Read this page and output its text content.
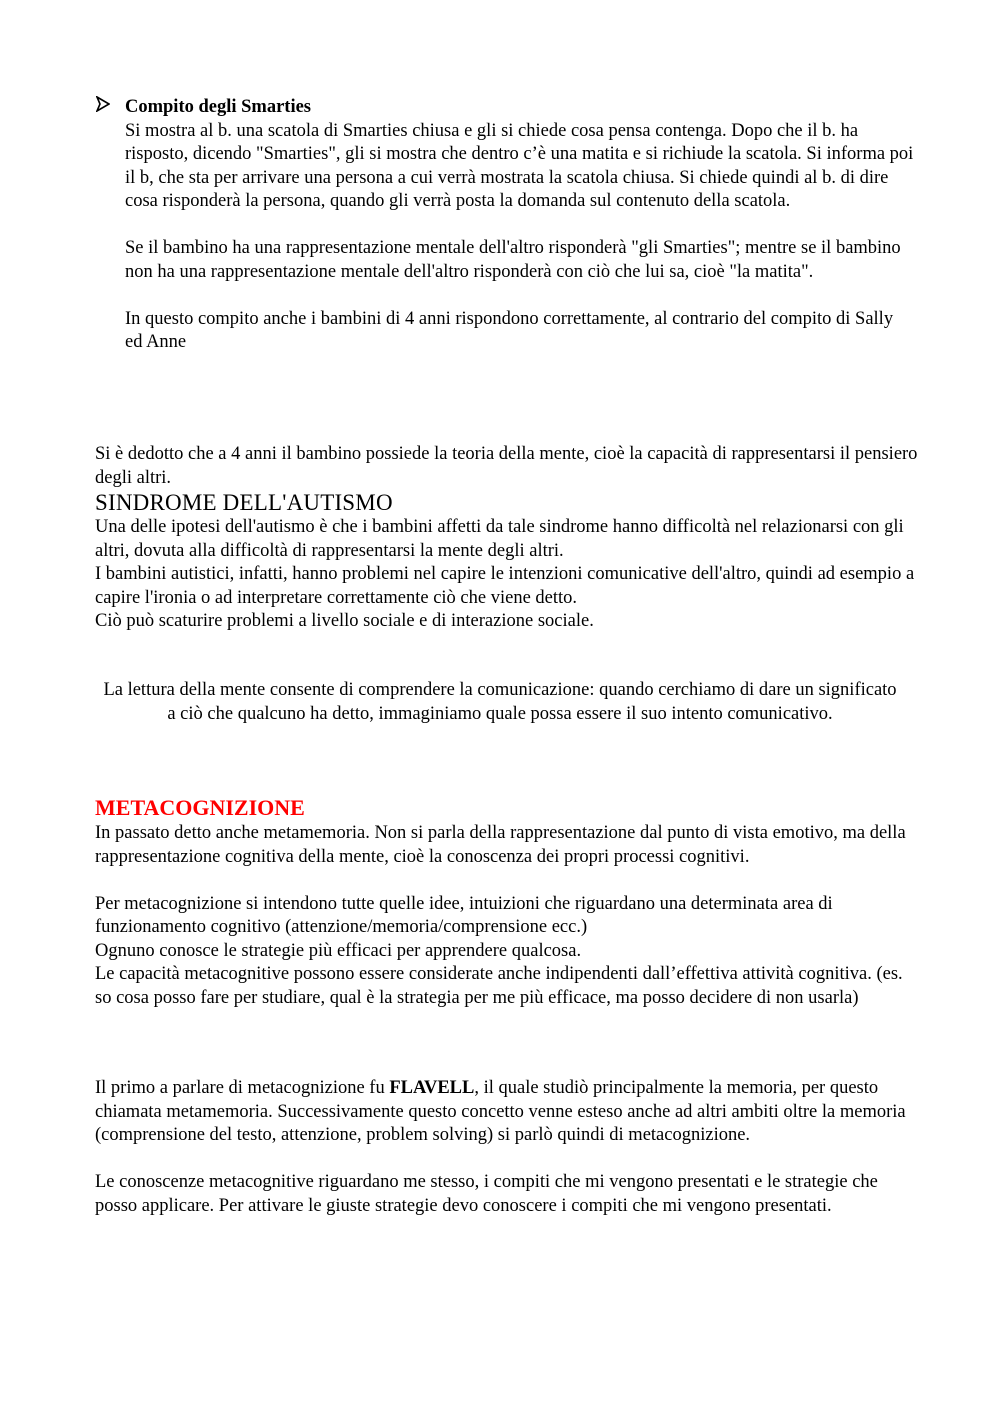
Compito degli Smarties

Si mostra al b. una scatola di Smarties chiusa e gli si chiede cosa pensa contenga. Dopo che il b. ha risposto, dicendo "Smarties", gli si mostra che dentro c’è una matita e si richiude la scatola. Si informa poi il b, che sta per arrivare una persona a cui verrà mostrata la scatola chiusa. Si chiede quindi al b. di dire cosa risponderà la persona, quando gli verrà posta la domanda sul contenuto della scatola.

Se il bambino ha una rappresentazione mentale dell'altro risponderà "gli Smarties"; mentre se il bambino non ha una rappresentazione mentale dell'altro risponderà con ciò che lui sa, cioè "la matita".

In questo compito anche i bambini di 4 anni rispondono correttamente, al contrario del compito di Sally ed Anne

Si è dedotto che a 4 anni il bambino possiede la teoria della mente, cioè la capacità di rappresentarsi il pensiero degli altri.

SINDROME DELL'AUTISMO

Una delle ipotesi dell'autismo è che i bambini affetti da tale sindrome hanno difficoltà nel relazionarsi con gli altri, dovuta alla difficoltà di rappresentarsi la mente degli altri.

I bambini autistici, infatti, hanno problemi nel capire le intenzioni comunicative dell'altro, quindi ad esempio a capire l'ironia o ad interpretare correttamente ciò che viene detto.

Ciò può scaturire problemi a livello sociale e di interazione sociale.

La lettura della mente consente di comprendere la comunicazione: quando cerchiamo di dare un significato a ciò che qualcuno ha detto, immaginiamo quale possa essere il suo intento comunicativo.

METACOGNIZIONE

In passato detto anche metamemoria. Non si parla della rappresentazione dal punto di vista emotivo, ma della rappresentazione cognitiva della mente, cioè la conoscenza dei propri processi cognitivi.

Per metacognizione si intendono tutte quelle idee, intuizioni che riguardano una determinata area di funzionamento cognitivo (attenzione/memoria/comprensione ecc.)

Ognuno conosce le strategie più efficaci per apprendere qualcosa.

Le capacità metacognitive possono essere considerate anche indipendenti dall’effettiva attività cognitiva. (es. so cosa posso fare per studiare, qual è la strategia per me più efficace, ma posso decidere di non usarla)

Il primo a parlare di metacognizione fu FLAVELL, il quale studiò principalmente la memoria, per questo chiamata metamemoria. Successivamente questo concetto venne esteso anche ad altri ambiti oltre la memoria (comprensione del testo, attenzione, problem solving) si parlò quindi di metacognizione.

Le conoscenze metacognitive riguardano me stesso, i compiti che mi vengono presentati e le strategie che posso applicare. Per attivare le giuste strategie devo conoscere i compiti che mi vengono presentati.
